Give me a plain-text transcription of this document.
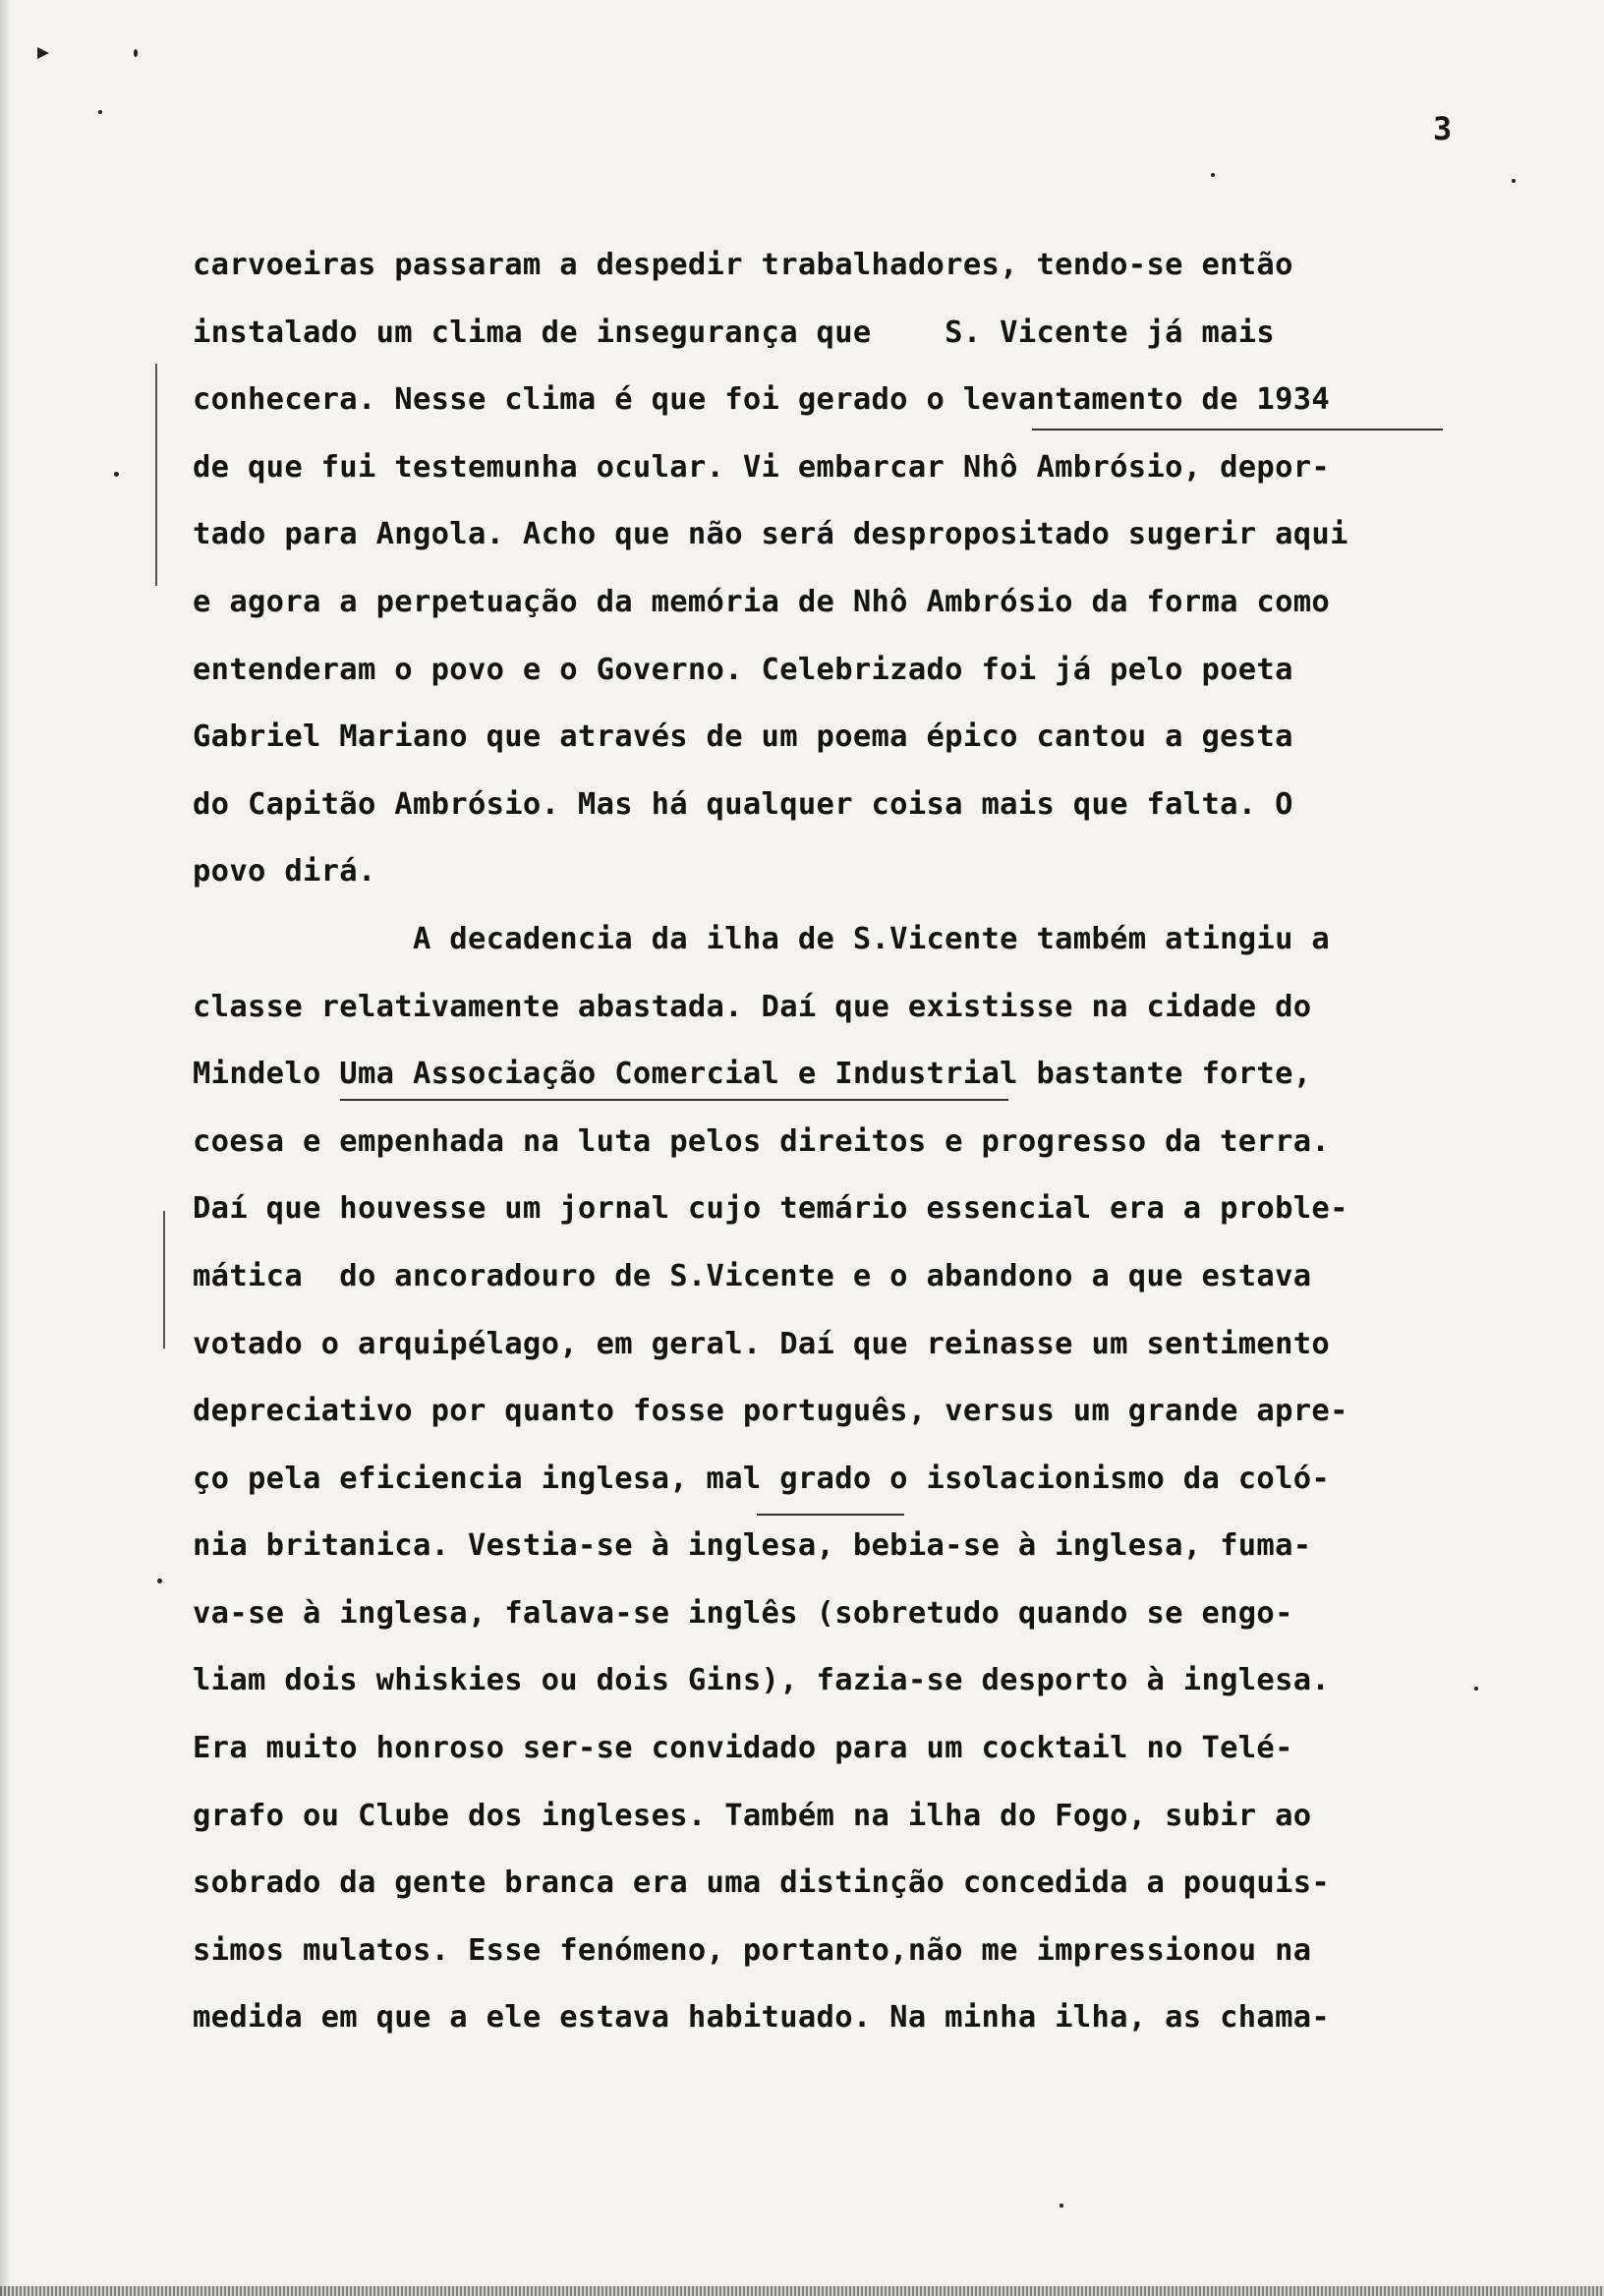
3
carvoeiras passaram a despedir trabalhadores, tendo-se então
instalado um clima de insegurança que    S. Vicente já mais
conhecera. Nesse clima é que foi gerado o levantamento de 1934
de que fui testemunha ocular. Vi embarcar Nhô Ambrósio, depor-
tado para Angola. Acho que não será despropositado sugerir aqui
e agora a perpetuação da memória de Nhô Ambrósio da forma como
entenderam o povo e o Governo. Celebrizado foi já pelo poeta
Gabriel Mariano que através de um poema épico cantou a gesta
do Capitão Ambrósio. Mas há qualquer coisa mais que falta. O
povo dirá.
A decadencia da ilha de S.Vicente também atingiu a
classe relativamente abastada. Daí que existisse na cidade do
Mindelo Uma Associação Comercial e Industrial bastante forte,
coesa e empenhada na luta pelos direitos e progresso da terra.
Daí que houvesse um jornal cujo temário essencial era a proble-
mática  do ancoradouro de S.Vicente e o abandono a que estava
votado o arquipélago, em geral. Daí que reinasse um sentimento
depreciativo por quanto fosse português, versus um grande apre-
ço pela eficiencia inglesa, mal grado o isolacionismo da coló-
nia britanica. Vestia-se à inglesa, bebia-se à inglesa, fuma-
va-se à inglesa, falava-se inglês (sobretudo quando se engo-
liam dois whiskies ou dois Gins), fazia-se desporto à inglesa.
Era muito honroso ser-se convidado para um cocktail no Telé-
grafo ou Clube dos ingleses. Também na ilha do Fogo, subir ao
sobrado da gente branca era uma distinção concedida a pouquis-
simos mulatos. Esse fenómeno, portanto,não me impressionou na
medida em que a ele estava habituado. Na minha ilha, as chama-
